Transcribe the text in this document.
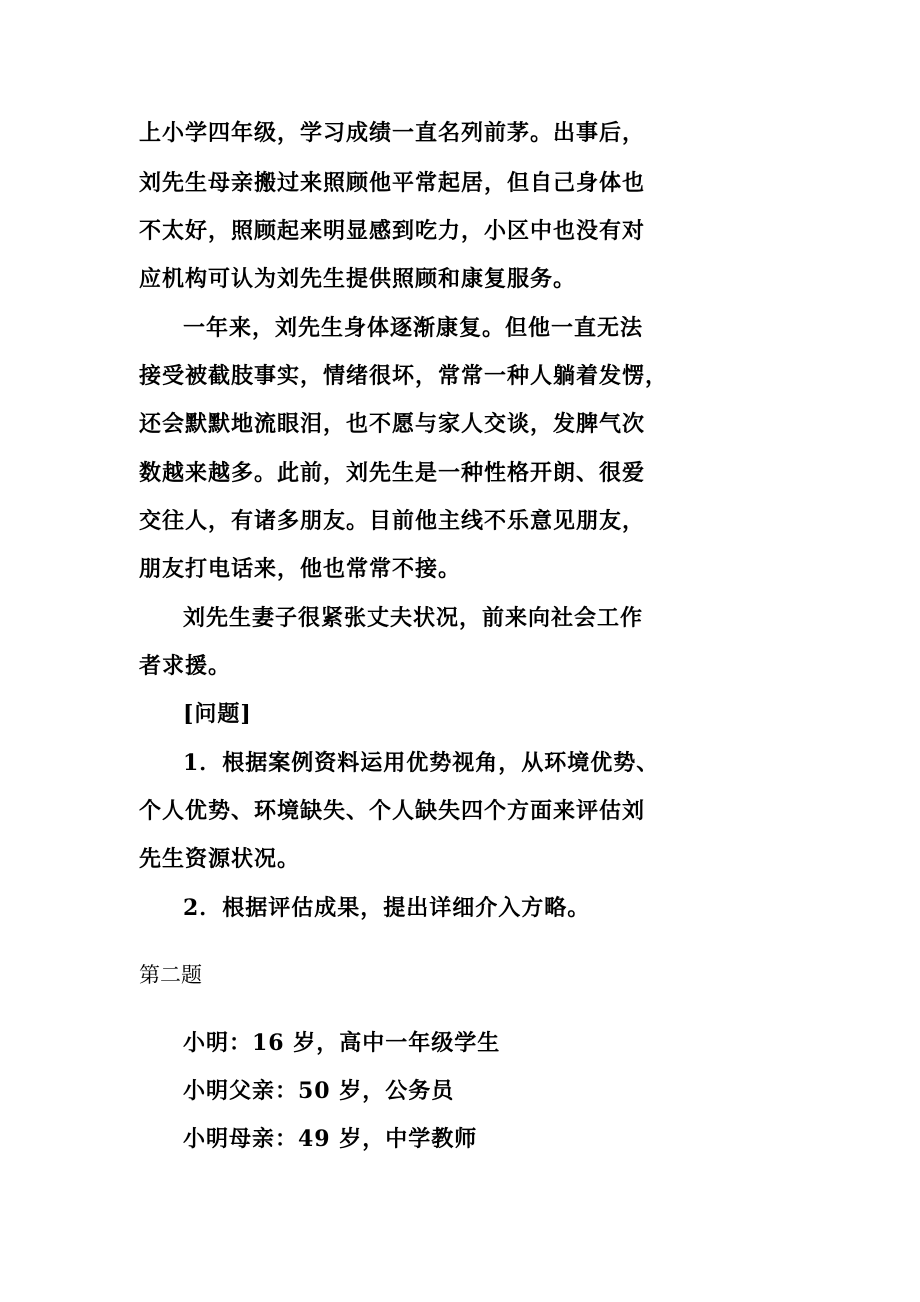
上小学四年级，学习成绩一直名列前茅。出事后，
刘先生母亲搬过来照顾他平常起居，但自己身体也
不太好，照顾起来明显感到吃力，小区中也没有对
应机构可认为刘先生提供照顾和康复服务。
一年来，刘先生身体逐渐康复。但他一直无法
接受被截肢事实，情绪很坏，常常一种人躺着发愣，
还会默默地流眼泪，也不愿与家人交谈，发脾气次
数越来越多。此前，刘先生是一种性格开朗、很爱
交往人，有诸多朋友。目前他主线不乐意见朋友，
朋友打电话来，他也常常不接。
刘先生妻子很紧张丈夫状况，前来向社会工作
者求援。
[问题]
1．根据案例资料运用优势视角，从环境优势、
个人优势、环境缺失、个人缺失四个方面来评估刘
先生资源状况。
2．根据评估成果，提出详细介入方略。
第二题
小明：16 岁，高中一年级学生
小明父亲：50 岁，公务员
小明母亲：49 岁，中学教师
